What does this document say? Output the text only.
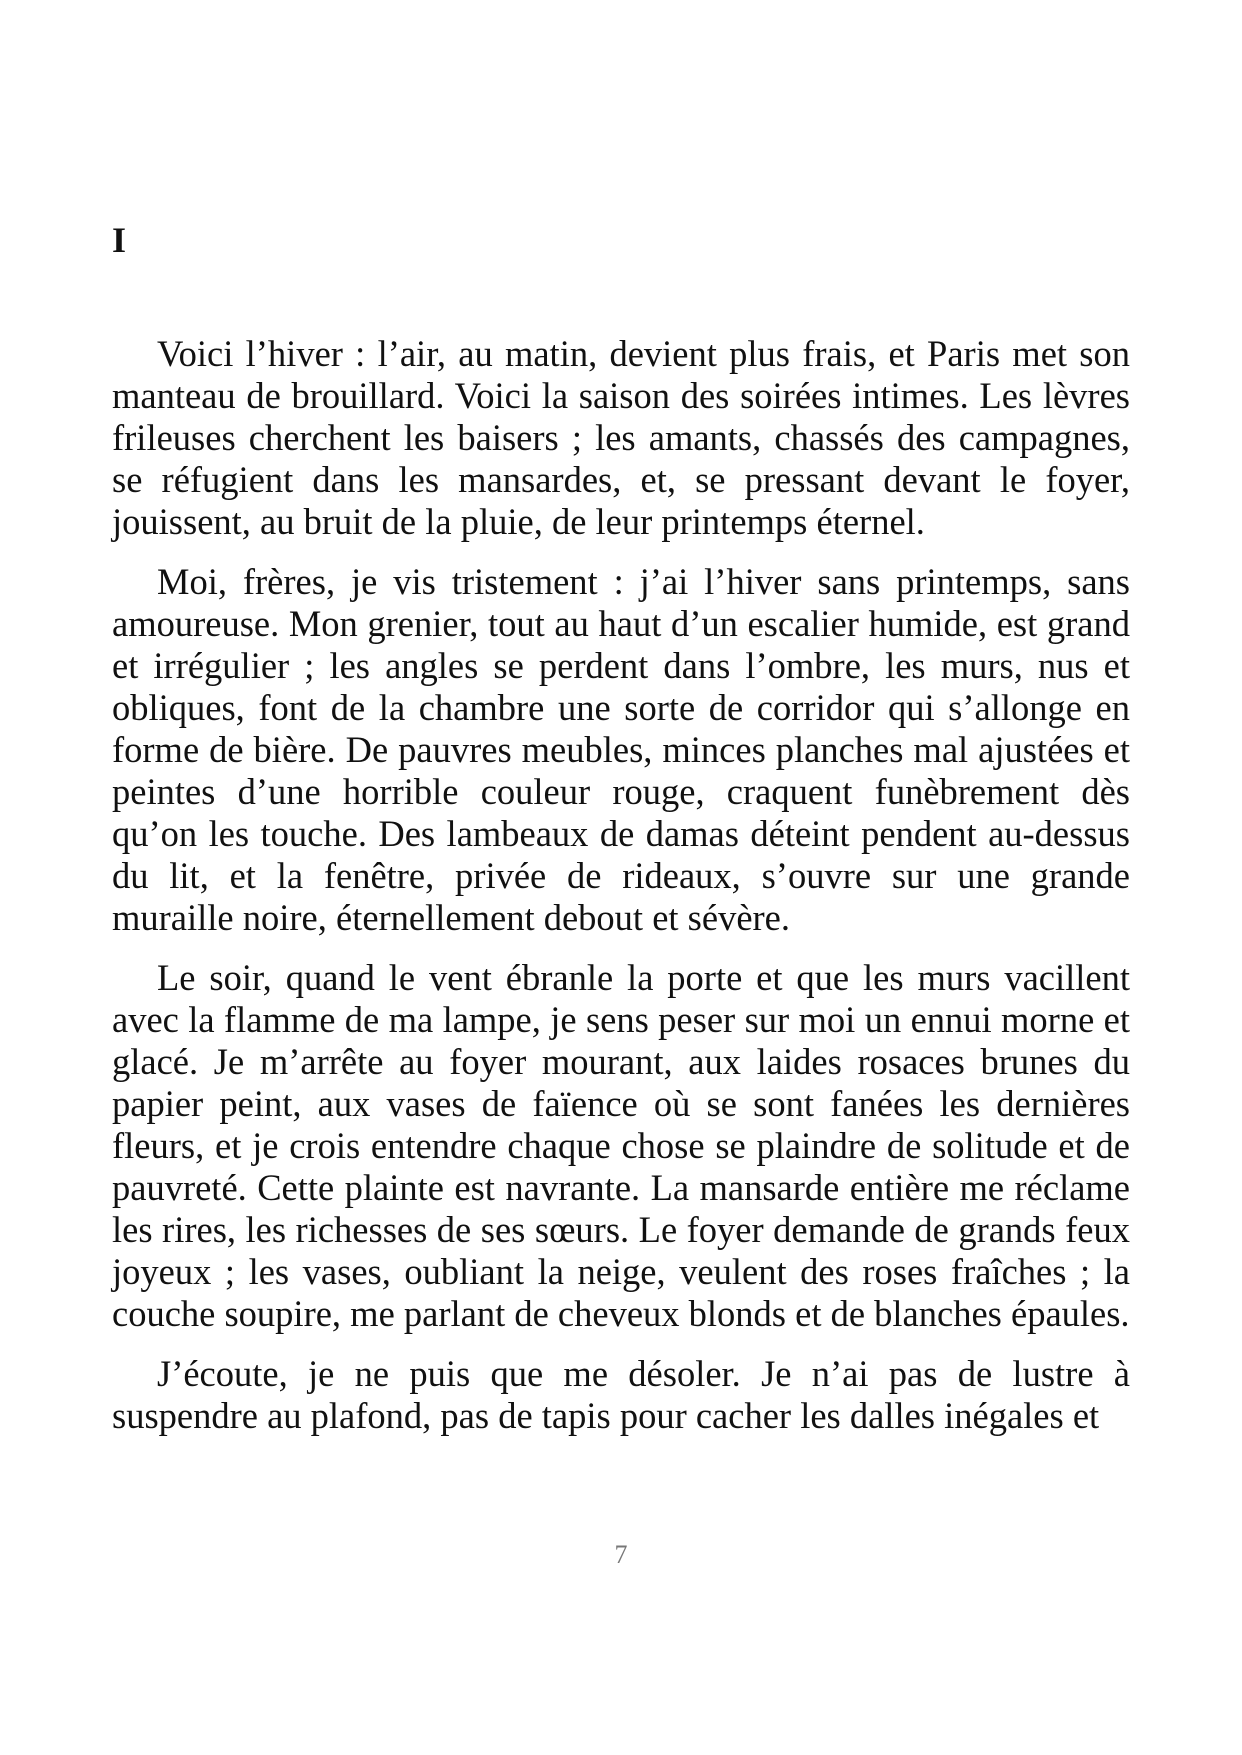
I

Voici l’hiver : l’air, au matin, devient plus frais, et Paris met son manteau de brouillard. Voici la saison des soirées intimes. Les lèvres frileuses cherchent les baisers ; les amants, chassés des campagnes, se réfugient dans les mansardes, et, se pressant devant le foyer, jouissent, au bruit de la pluie, de leur printemps éternel.

Moi, frères, je vis tristement : j’ai l’hiver sans printemps, sans amoureuse. Mon grenier, tout au haut d’un escalier humide, est grand et irrégulier ; les angles se perdent dans l’ombre, les murs, nus et obliques, font de la chambre une sorte de corridor qui s’allonge en forme de bière. De pauvres meubles, minces planches mal ajustées et peintes d’une horrible couleur rouge, craquent funèbrement dès qu’on les touche. Des lambeaux de damas déteint pendent au-dessus du lit, et la fenêtre, privée de rideaux, s’ouvre sur une grande muraille noire, éternellement debout et sévère.

Le soir, quand le vent ébranle la porte et que les murs vacillent avec la flamme de ma lampe, je sens peser sur moi un ennui morne et glacé. Je m’arrête au foyer mourant, aux laides rosaces brunes du papier peint, aux vases de faïence où se sont fanées les dernières fleurs, et je crois entendre chaque chose se plaindre de solitude et de pauvreté. Cette plainte est navrante. La mansarde entière me réclame les rires, les richesses de ses sœurs. Le foyer demande de grands feux joyeux ; les vases, oubliant la neige, veulent des roses fraîches ; la couche soupire, me parlant de cheveux blonds et de blanches épaules.

J’écoute, je ne puis que me désoler. Je n’ai pas de lustre à suspendre au plafond, pas de tapis pour cacher les dalles inégales et

7
